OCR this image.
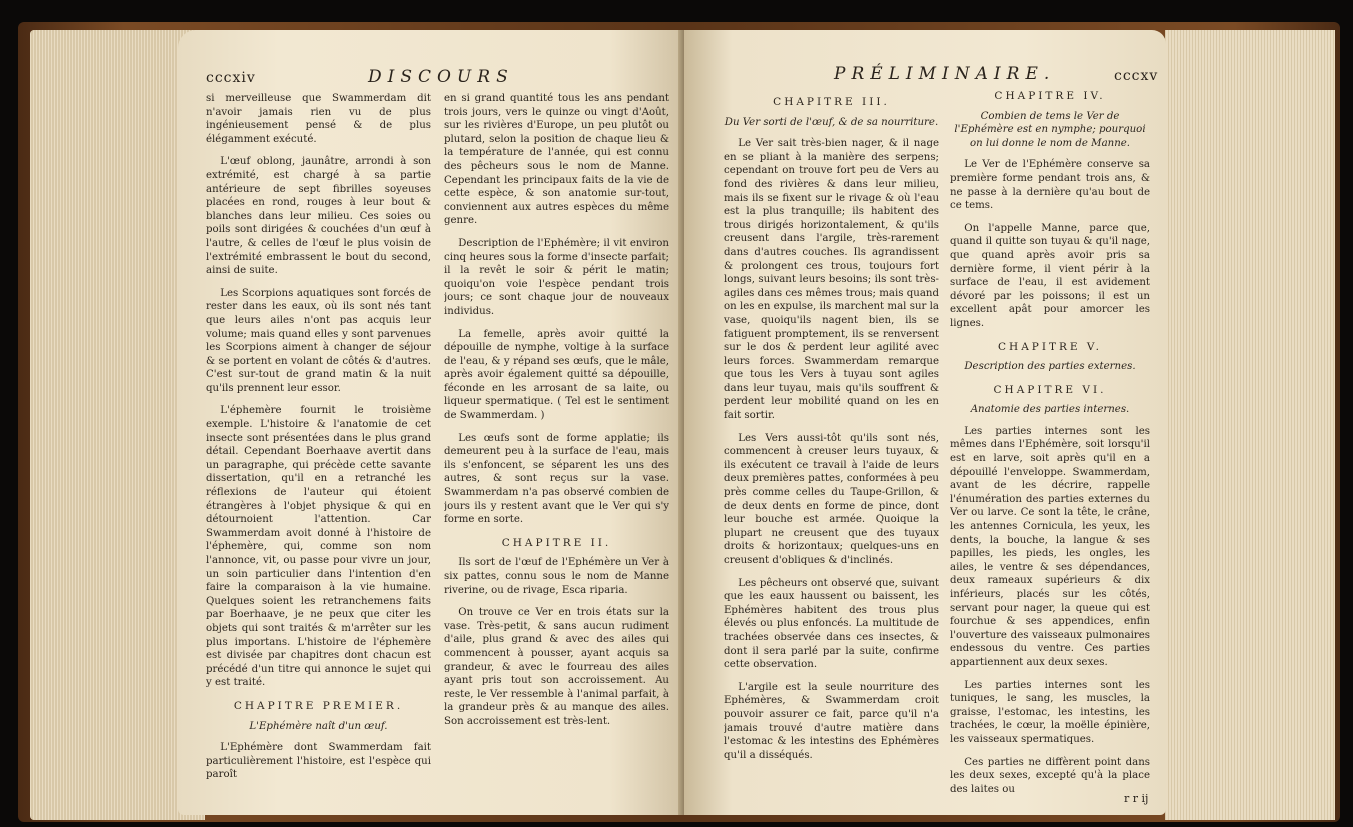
cccxiv	DISCOURS

si merveilleuse que Swammerdam dit n'avoir jamais rien vu de plus ingénieusement pensé & de plus élégamment exécuté.

L'œuf oblong, jaunâtre, arrondi à son extrémité, est chargé à sa partie antérieure de sept fibrilles soyeuses placées en rond, rouges à leur bout & blanches dans leur milieu. Ces soies ou poils sont dirigées & couchées d'un œuf à l'autre, & celles de l'œuf le plus voisin de l'extrémité embrassent le bout du second, ainsi de suite.

Les Scorpions aquatiques sont forcés de rester dans les eaux, où ils sont nés tant que leurs ailes n'ont pas acquis leur volume; mais quand elles y sont parvenues les Scorpions aiment à changer de séjour & se portent en volant de côtés & d'autres. C'est sur-tout de grand matin & la nuit qu'ils prennent leur essor.

L'éphemère fournit le troisième exemple. L'histoire & l'anatomie de cet insecte sont présentées dans le plus grand détail. Cependant Boerhaave avertit dans un paragraphe, qui précède cette savante dissertation, qu'il en a retranché les réflexions de l'auteur qui étoient étrangères à l'objet physique & qui en détournoient l'attention. Car Swammerdam avoit donné à l'histoire de l'éphemère, qui, comme son nom l'annonce, vit, ou passe pour vivre un jour, un soin particulier dans l'intention d'en faire la comparaison à la vie humaine. Quelques soient les retranchemens faits par Boerhaave, je ne peux que citer les objets qui sont traités & m'arrêter sur les plus importans. L'histoire de l'éphemère est divisée par chapitres dont chacun est précédé d'un titre qui annonce le sujet qui y est traité.

CHAPITRE PREMIER.

L'Ephémère naît d'un œuf.

L'Ephémère dont Swammerdam fait particulièrement l'histoire, est l'espèce qui paroît

en si grand quantité tous les ans pendant trois jours, vers le quinze ou vingt d'Août, sur les rivières d'Europe, un peu plutôt ou plutard, selon la position de chaque lieu & la température de l'année, qui est connu des pêcheurs sous le nom de Manne. Cependant les principaux faits de la vie de cette espèce, & son anatomie sur-tout, conviennent aux autres espèces du même genre.

Description de l'Ephémère; il vit environ cinq heures sous la forme d'insecte parfait; il la revêt le soir & périt le matin; quoiqu'on voie l'espèce pendant trois jours; ce sont chaque jour de nouveaux individus.

La femelle, après avoir quitté la dépouille de nymphe, voltige à la surface de l'eau, & y répand ses œufs, que le mâle, après avoir également quitté sa dépouille, féconde en les arrosant de sa laite, ou liqueur spermatique. ( Tel est le sentiment de Swammerdam. )

Les œufs sont de forme applatie; ils demeurent peu à la surface de l'eau, mais ils s'enfoncent, se séparent les uns des autres, & sont reçus sur la vase. Swammerdam n'a pas observé combien de jours ils y restent avant que le Ver qui s'y forme en sorte.

CHAPITRE II.

Ils sort de l'œuf de l'Ephémère un Ver à six pattes, connu sous le nom de Manne riverine, ou de rivage, Esca riparia.

On trouve ce Ver en trois états sur la vase. Très-petit, & sans aucun rudiment d'aile, plus grand & avec des ailes qui commencent à pousser, ayant acquis sa grandeur, & avec le fourreau des ailes ayant pris tout son accroissement. Au reste, le Ver ressemble à l'animal parfait, à la grandeur près & au manque des ailes. Son accroissement est très-lent.

PRÉLIMINAIRE.	cccxv

CHAPITRE III.

Du Ver sorti de l'œuf, & de sa nourriture.

Le Ver sait très-bien nager, & il nage en se pliant à la manière des serpens; cependant on trouve fort peu de Vers au fond des rivières & dans leur milieu, mais ils se fixent sur le rivage & où l'eau est la plus tranquille; ils habitent des trous dirigés horizontalement, & qu'ils creusent dans l'argile, très-rarement dans d'autres couches. Ils agrandissent & prolongent ces trous, toujours fort longs, suivant leurs besoins; ils sont très-agiles dans ces mêmes trous; mais quand on les en expulse, ils marchent mal sur la vase, quoiqu'ils nagent bien, ils se fatiguent promptement, ils se renversent sur le dos & perdent leur agilité avec leurs forces. Swammerdam remarque que tous les Vers à tuyau sont agiles dans leur tuyau, mais qu'ils souffrent & perdent leur mobilité quand on les en fait sortir.

Les Vers aussi-tôt qu'ils sont nés, commencent à creuser leurs tuyaux, & ils exécutent ce travail à l'aide de leurs deux premières pattes, conformées à peu près comme celles du Taupe-Grillon, & de deux dents en forme de pince, dont leur bouche est armée. Quoique la plupart ne creusent que des tuyaux droits & horizontaux; quelques-uns en creusent d'obliques & d'inclinés.

Les pêcheurs ont observé que, suivant que les eaux haussent ou baissent, les Ephémères habitent des trous plus élevés ou plus enfoncés. La multitude de trachées observée dans ces insectes, & dont il sera parlé par la suite, confirme cette observation.

L'argile est la seule nourriture des Ephémères, & Swammerdam croit pouvoir assurer ce fait, parce qu'il n'a jamais trouvé d'autre matière dans l'estomac & les intestins des Ephémères qu'il a disséqués.

CHAPITRE IV.

Combien de tems le Ver de l'Ephémère est en nymphe; pourquoi on lui donne le nom de Manne.

Le Ver de l'Ephémère conserve sa première forme pendant trois ans, & ne passe à la dernière qu'au bout de ce tems.

On l'appelle Manne, parce que, quand il quitte son tuyau & qu'il nage, que quand après avoir pris sa dernière forme, il vient périr à la surface de l'eau, il est avidement dévoré par les poissons; il est un excellent apât pour amorcer les lignes.

CHAPITRE V.

Description des parties externes.

CHAPITRE VI.

Anatomie des parties internes.

Les parties internes sont les mêmes dans l'Ephémère, soit lorsqu'il est en larve, soit après qu'il en a dépouillé l'enveloppe. Swammerdam, avant de les décrire, rappelle l'énumération des parties externes du Ver ou larve. Ce sont la tête, le crâne, les antennes Cornicula, les yeux, les dents, la bouche, la langue & ses papilles, les pieds, les ongles, les ailes, le ventre & ses dépendances, deux rameaux supérieurs & dix inférieurs, placés sur les côtés, servant pour nager, la queue qui est fourchue & ses appendices, enfin l'ouverture des vaisseaux pulmonaires endessous du ventre. Ces parties appartiennent aux deux sexes.

Les parties internes sont les tuniques, le sang, les muscles, la graisse, l'estomac, les intestins, les trachées, le cœur, la moëlle épinière, les vaisseaux spermatiques.

Ces parties ne diffèrent point dans les deux sexes, excepté qu'à la place des laites ou

r r ij
